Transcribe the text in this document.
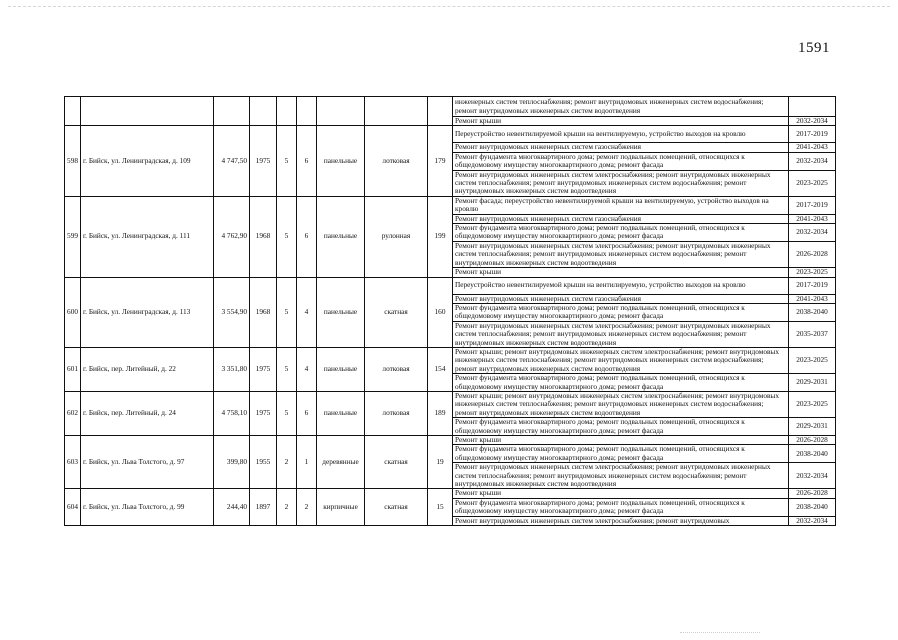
1591
									инженерных систем теплоснабжения; ремонт внутридомовых инженерных систем водоснабжения; ремонт внутридомовых инженерных систем водоотведения	
									Ремонт крыши	2032-2034
598	г. Бийск, ул. Ленинградская, д. 109	4 747,50	1975	5	6	панельные	лотковая	179	Переустройство невентилируемой крыши на вентилируемую, устройство выходов на кровлю	2017-2019
									Ремонт внутридомовых инженерных систем газоснабжения	2041-2043
									Ремонт фундамента многоквартирного дома; ремонт подвальных помещений, относящихся к общедомовому имуществу многоквартирного дома; ремонт фасада	2032-2034
									Ремонт внутридомовых инженерных систем электроснабжения; ремонт внутридомовых инженерных систем теплоснабжения; ремонт внутридомовых инженерных систем водоснабжения; ремонт внутридомовых инженерных систем водоотведения	2023-2025
599	г. Бийск, ул. Ленинградская, д. 111	4 762,90	1968	5	6	панельные	рулонная	199	Ремонт фасада; переустройство невентилируемой крыши на вентилируемую, устройство выходов на кровлю	2017-2019
									Ремонт внутридомовых инженерных систем газоснабжения	2041-2043
									Ремонт фундамента многоквартирного дома; ремонт подвальных помещений, относящихся к общедомовому имуществу многоквартирного дома; ремонт фасада	2032-2034
									Ремонт внутридомовых инженерных систем электроснабжения; ремонт внутридомовых инженерных систем теплоснабжения; ремонт внутридомовых инженерных систем водоснабжения; ремонт внутридомовых инженерных систем водоотведения	2026-2028
									Ремонт крыши	2023-2025
600	г. Бийск, ул. Ленинградская, д. 113	3 554,90	1968	5	4	панельные	скатная	160	Переустройство невентилируемой крыши на вентилируемую, устройство выходов на кровлю	2017-2019
									Ремонт внутридомовых инженерных систем газоснабжения	2041-2043
									Ремонт фундамента многоквартирного дома; ремонт подвальных помещений, относящихся к общедомовому имуществу многоквартирного дома; ремонт фасада	2038-2040
									Ремонт внутридомовых инженерных систем электроснабжения; ремонт внутридомовых инженерных систем теплоснабжения; ремонт внутридомовых инженерных систем водоснабжения; ремонт внутридомовых инженерных систем водоотведения	2035-2037
601	г. Бийск, пер. Литейный, д. 22	3 351,80	1975	5	4	панельные	лотковая	154	Ремонт крыши; ремонт внутридомовых инженерных систем электроснабжения; ремонт внутридомовых инженерных систем теплоснабжения; ремонт внутридомовых инженерных систем водоснабжения; ремонт внутридомовых инженерных систем водоотведения	2023-2025
									Ремонт фундамента многоквартирного дома; ремонт подвальных помещений, относящихся к общедомовому имуществу многоквартирного дома; ремонт фасада	2029-2031
602	г. Бийск, пер. Литейный, д. 24	4 758,10	1975	5	6	панельные	лотковая	189	Ремонт крыши; ремонт внутридомовых инженерных систем электроснабжения; ремонт внутридомовых инженерных систем теплоснабжения; ремонт внутридомовых инженерных систем водоснабжения; ремонт внутридомовых инженерных систем водоотведения	2023-2025
									Ремонт фундамента многоквартирного дома; ремонт подвальных помещений, относящихся к общедомовому имуществу многоквартирного дома; ремонт фасада	2029-2031
603	г. Бийск, ул. Льва Толстого, д. 97	399,80	1955	2	1	деревянные	скатная	19	Ремонт крыши	2026-2028
									Ремонт фундамента многоквартирного дома; ремонт подвальных помещений, относящихся к общедомовому имуществу многоквартирного дома; ремонт фасада	2038-2040
									Ремонт внутридомовых инженерных систем электроснабжения; ремонт внутридомовых инженерных систем теплоснабжения; ремонт внутридомовых инженерных систем водоснабжения; ремонт внутридомовых инженерных систем водоотведения	2032-2034
604	г. Бийск, ул. Льва Толстого, д. 99	244,40	1897	2	2	кирпичные	скатная	15	Ремонт крыши	2026-2028
									Ремонт фундамента многоквартирного дома; ремонт подвальных помещений, относящихся к общедомовому имуществу многоквартирного дома; ремонт фасада	2038-2040
									Ремонт внутридомовых инженерных систем электроснабжения; ремонт внутридомовых	2032-2034
